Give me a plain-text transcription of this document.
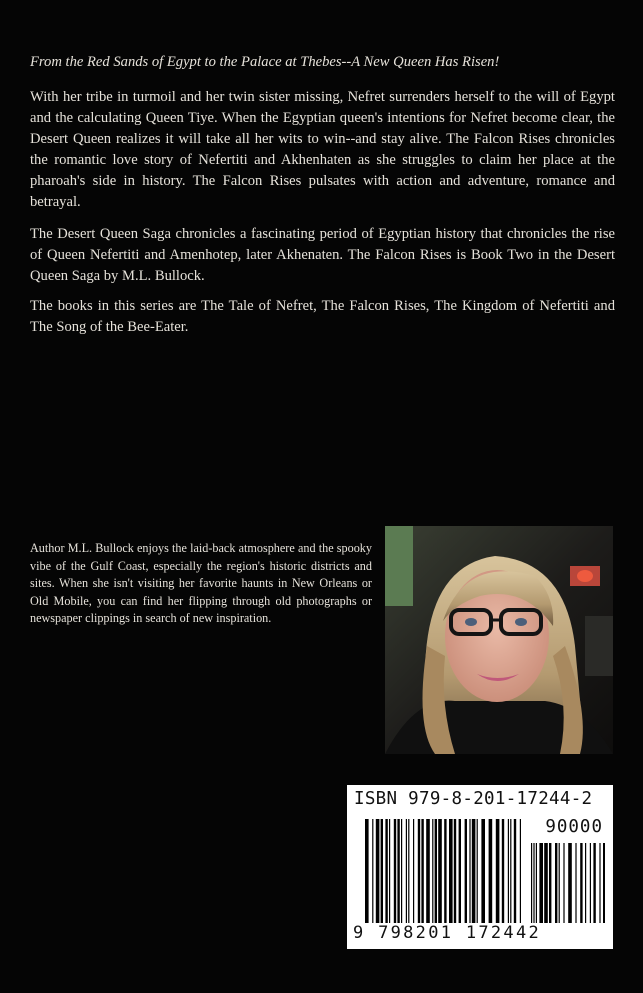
From the Red Sands of Egypt to the Palace at Thebes--A New Queen Has Risen!

With her tribe in turmoil and her twin sister missing, Nefret surrenders herself to the will of Egypt and the calculating Queen Tiye. When the Egyptian queen's intentions for Nefret become clear, the Desert Queen realizes it will take all her wits to win--and stay alive. The Falcon Rises chronicles the romantic love story of Nefertiti and Akhenhaten as she struggles to claim her place at the pharoah's side in history. The Falcon Rises pulsates with action and adventure, romance and betrayal.

The Desert Queen Saga chronicles a fascinating period of Egyptian history that chronicles the rise of Queen Nefertiti and Amenhotep, later Akhenaten. The Falcon Rises is Book Two in the Desert Queen Saga by M.L. Bullock.

The books in this series are The Tale of Nefret, The Falcon Rises, The Kingdom of Nefertiti and The Song of the Bee-Eater.

Author M.L. Bullock enjoys the laid-back atmosphere and the spooky vibe of the Gulf Coast, especially the region's historic districts and sites. When she isn't visiting her favorite haunts in New Orleans or Old Mobile, you can find her flipping through old photographs or newspaper clippings in search of new inspiration.

ISBN 979-8-201-17244-2
90000
9 798201 172442
